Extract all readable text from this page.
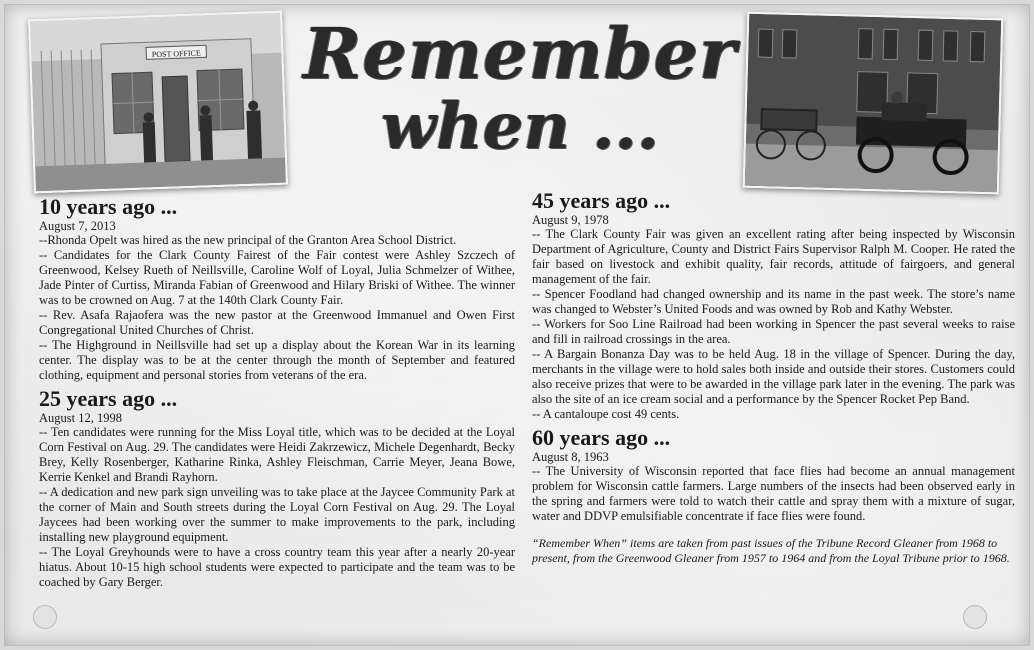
POST OFFICE Remember
when ...
10 years ago ...

August 7, 2013

--Rhonda Opelt was hired as the new principal of the Granton Area School District.

-- Candidates for the Clark County Fairest of the Fair contest were Ashley Szczech of Greenwood, Kelsey Rueth of Neillsville, Caroline Wolf of Loyal, Julia Schmelzer of Withee, Jade Pinter of Curtiss, Miranda Fabian of Greenwood and Hilary Briski of Withee. The winner was to be crowned on Aug. 7 at the 140th Clark County Fair.

-- Rev. Asafa Rajaofera was the new pastor at the Greenwood Immanuel and Owen First Congregational United Churches of Christ.

-- The Highground in Neillsville had set up a display about the Korean War in its learning center. The display was to be at the center through the month of September and featured clothing, equipment and personal stories from veterans of the era.

25 years ago ...

August 12, 1998

-- Ten candidates were running for the Miss Loyal title, which was to be decided at the Loyal Corn Festival on Aug. 29. The candidates were Heidi Zakrzewicz, Michele Degenhardt, Becky Brey, Kelly Rosenberger, Katharine Rinka, Ashley Fleischman, Carrie Meyer, Jeana Bowe, Kerrie Kenkel and Brandi Rayhorn.

-- A dedication and new park sign unveiling was to take place at the Jaycee Community Park at the corner of Main and South streets during the Loyal Corn Festival on Aug. 29. The Loyal Jaycees had been working over the summer to make improvements to the park, including installing new playground equipment.

-- The Loyal Greyhounds were to have a cross country team this year after a nearly 20-year hiatus. About 10-15 high school students were expected to participate and the team was to be coached by Gary Berger.

45 years ago ...

August 9, 1978

-- The Clark County Fair was given an excellent rating after being inspected by Wisconsin Department of Agriculture, County and District Fairs Supervisor Ralph M. Cooper. He rated the fair based on livestock and exhibit quality, fair records, attitude of fairgoers, and general management of the fair.

-- Spencer Foodland had changed ownership and its name in the past week. The store’s name was changed to Webster’s United Foods and was owned by Rob and Kathy Webster.

-- Workers for Soo Line Railroad had been working in Spencer the past several weeks to raise and fill in railroad crossings in the area.

-- A Bargain Bonanza Day was to be held Aug. 18 in the village of Spencer. During the day, merchants in the village were to hold sales both inside and outside their stores. Customers could also receive prizes that were to be awarded in the village park later in the evening. The park was also the site of an ice cream social and a performance by the Spencer Rocket Pep Band.

-- A cantaloupe cost 49 cents.

60 years ago ...

August 8, 1963

-- The University of Wisconsin reported that face flies had become an annual management problem for Wisconsin cattle farmers. Large numbers of the insects had been observed early in the spring and farmers were told to watch their cattle and spray them with a mixture of sugar, water and DDVP emulsifiable concentrate if face flies were found.

“Remember When” items are taken from past issues of the Tribune Record Gleaner from 1968 to present, from the Greenwood Gleaner from 1957 to 1964 and from the Loyal Tribune prior to 1968.
